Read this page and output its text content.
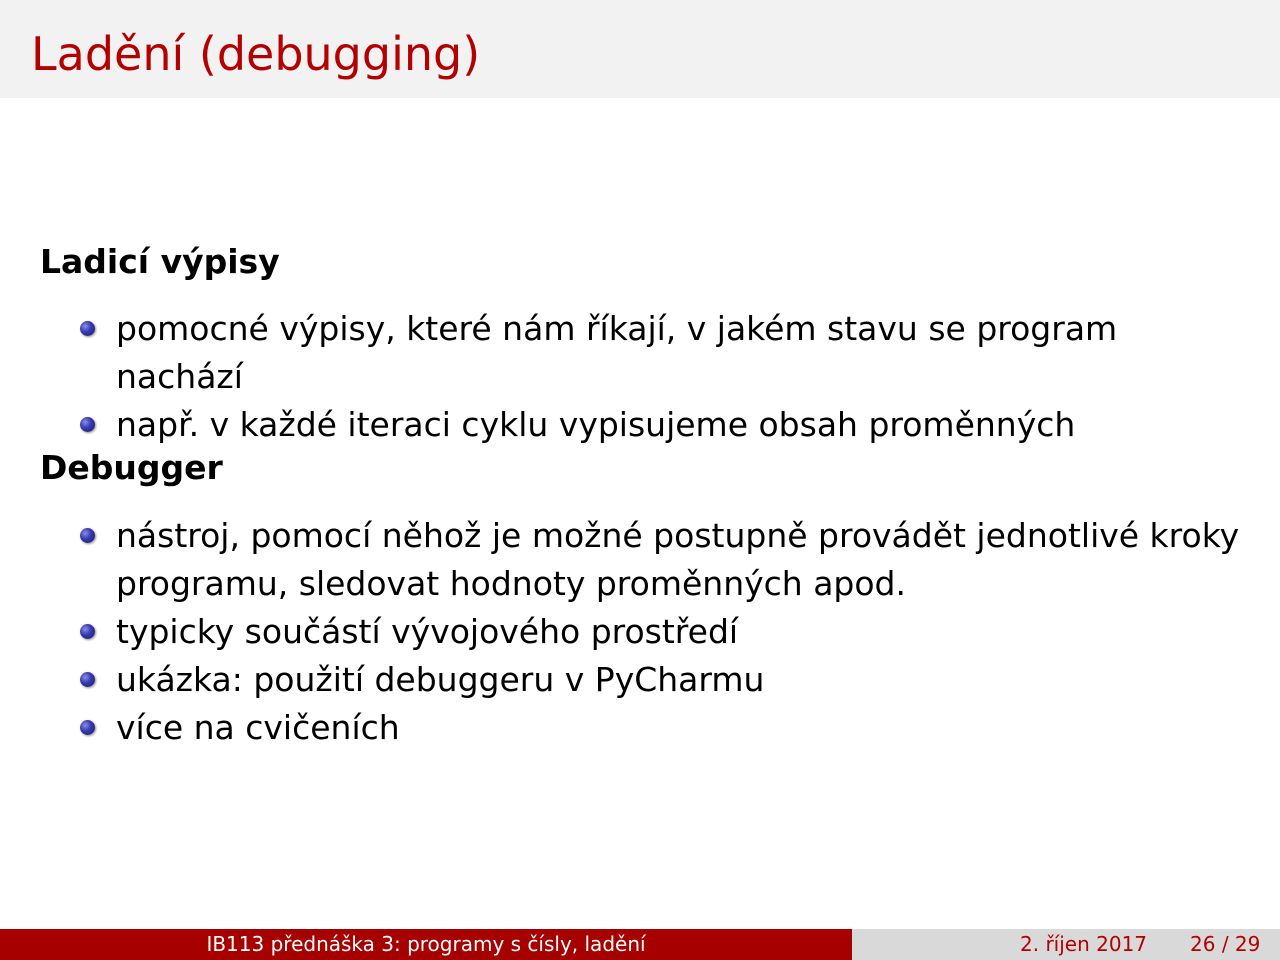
Ladění (debugging)
Ladicí výpisy
pomocné výpisy, které nám říkají, v jakém stavu se program nachází
např. v každé iteraci cyklu vypisujeme obsah proměnných
Debugger
nástroj, pomocí něhož je možné postupně provádět jednotlivé kroky programu, sledovat hodnoty proměnných apod.
typicky součástí vývojového prostředí
ukázka: použití debuggeru v PyCharmu
více na cvičeních
IB113 přednáška 3: programy s čísly, ladění	2. říjen 2017 26 / 29
